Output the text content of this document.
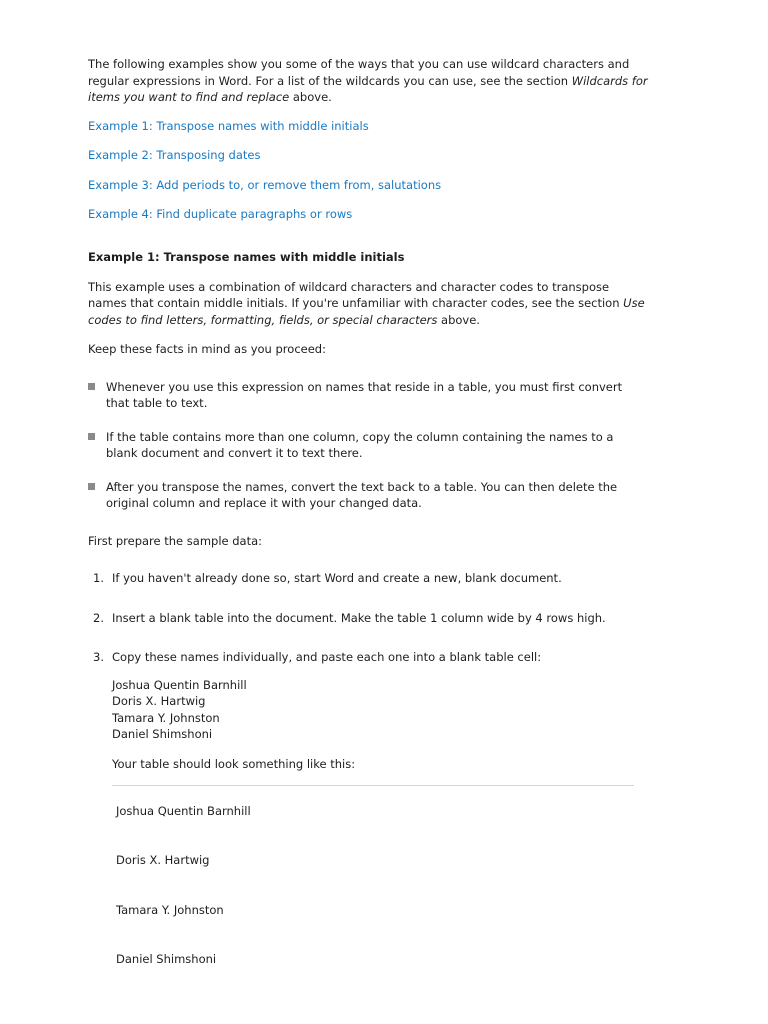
The following examples show you some of the ways that you can use wildcard characters and regular expressions in Word. For a list of the wildcards you can use, see the section Wildcards for items you want to find and replace above.

Example 1: Transpose names with middle initials
Example 2: Transposing dates
Example 3: Add periods to, or remove them from, salutations
Example 4: Find duplicate paragraphs or rows

Example 1: Transpose names with middle initials

This example uses a combination of wildcard characters and character codes to transpose names that contain middle initials. If you're unfamiliar with character codes, see the section Use codes to find letters, formatting, fields, or special characters above.

Keep these facts in mind as you proceed:

Whenever you use this expression on names that reside in a table, you must first convert that table to text.
If the table contains more than one column, copy the column containing the names to a blank document and convert it to text there.
After you transpose the names, convert the text back to a table. You can then delete the original column and replace it with your changed data.

First prepare the sample data:

1. If you haven't already done so, start Word and create a new, blank document.
2. Insert a blank table into the document. Make the table 1 column wide by 4 rows high.
3. Copy these names individually, and paste each one into a blank table cell:
Joshua Quentin Barnhill
Doris X. Hartwig
Tamara Y. Johnston
Daniel Shimshoni

Your table should look something like this:

Joshua Quentin Barnhill
Doris X. Hartwig
Tamara Y. Johnston
Daniel Shimshoni
